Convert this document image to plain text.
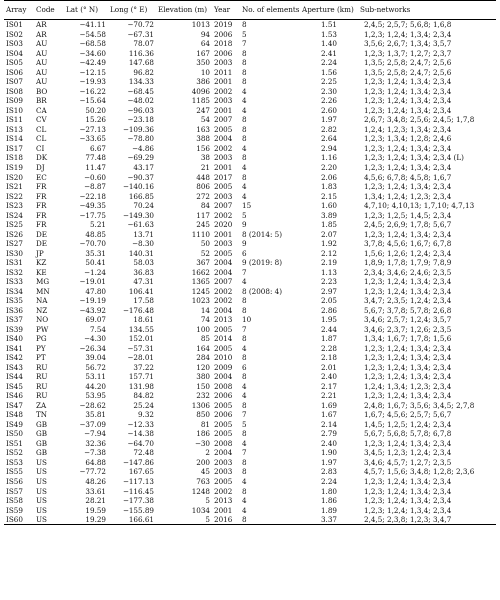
Array	Code	Lat (° N)	Long (° E)	Elevation (m)	Year	No. of elements	Aperture (km)	Sub-networks
IS01	AR	−41.11	−70.72	1013	2019	8	1.51	2,4,5; 2,5,7; 5,6,8; 1,6,8
IS02	AR	−54.58	−67.31	94	2006	5	1.53	1,2,3; 1,2,4; 1,3,4; 2,3,4
IS03	AU	−68.58	78.07	64	2018	7	1.40	3,5,6; 2,6,7; 1,3,4; 3,5,7
IS04	AU	−34.60	116.36	167	2006	8	2.41	1,2,3; 1,3,7; 1,2,7; 2,3,7
IS05	AU	−42.49	147.68	350	2003	8	2.24	1,3,5; 2,5,8; 2,4,7; 2,5,6
IS06	AU	−12.15	96.82	10	2011	8	1.56	1,3,5; 2,5,8; 2,4,7; 2,5,6
IS07	AU	−19.93	134.33	386	2001	8	2.25	1,2,3; 1,2,4; 1,3,4; 2,3,4
IS08	BO	−16.22	−68.45	4096	2002	4	2.30	1,2,3; 1,2,4; 1,3,4; 2,3,4
IS09	BR	−15.64	−48.02	1185	2003	4	2.26	1,2,3; 1,2,4; 1,3,4; 2,3,4
IS10	CA	50.20	−96.03	247	2001	4	2.60	1,2,3; 1,2,4; 1,3,4; 2,3,4
IS11	CV	15.26	−23.18	54	2007	8	1.97	2,6,7; 3,4,8; 2,5,6; 2,4,5; 1,7,8
IS13	CL	−27.13	−109.36	163	2005	8	2.82	1,2,4; 1,2,3; 1,3,4; 2,3,4
IS14	CL	−33.65	−78.80	388	2004	8	2.64	1,2,3; 1,3,4; 1,2,8; 2,4,6
IS17	CI	6.67	−4.86	156	2002	4	2.94	1,2,3; 1,2,4; 1,3,4; 2,3,4
IS18	DK	77.48	−69.29	38	2003	8	1.16	1,2,3; 1,2,4; 1,3,4; 2,3,4 (L)
IS19	DJ	11.47	43.17	21	2001	4	2.20	1,2,3; 1,2,4; 1,3,4; 2,3,4
IS20	EC	−0.60	−90.37	448	2017	8	2.06	4,5,6; 6,7,8; 4,5,8; 1,6,7
IS21	FR	−8.87	−140.16	806	2005	4	1.83	1,2,3; 1,2,4; 1,3,4; 2,3,4
IS22	FR	−22.18	166.85	272	2003	4	2.15	1,3,4; 1,2,4; 1,2,3; 2,3,4
IS23	FR	−49.35	70.24	84	2007	15	1.60	4,7,10; 4,10,13; 1,7,10; 4,7,13
IS24	FR	−17.75	−149.30	117	2002	5	3.89	1,2,3; 1,2,5; 1,4,5; 2,3,4
IS25	FR	5.21	−61.63	245	2020	9	1.85	2,4,5; 2,6,9; 1,7,8; 5,6,7
IS26	DE	48.85	13.71	1110	2001	8 (2014: 5)	2.07	1,2,3; 1,2,4; 1,3,4; 2,3,4
IS27	DE	−70.70	−8.30	50	2003	9	1.92	3,7,8; 4,5,6; 1,6,7; 6,7,8
IS30	JP	35.31	140.31	52	2005	6	2.12	1,5,6; 1,2,6; 1,2,4; 2,3,4
IS31	KZ	50.41	58.03	367	2004	9 (2019: 8)	2.19	1,8,9; 1,7,8; 1,7,9; 7,8,9
IS32	KE	−1.24	36.83	1662	2004	7	1.13	2,3,4; 3,4,6; 2,4,6; 2,3,5
IS33	MG	−19.01	47.31	1365	2007	4	2.23	1,2,3; 1,2,4; 1,3,4; 2,3,4
IS34	MN	47.80	106.41	1245	2002	8 (2008: 4)	2.97	1,2,3; 1,2,4; 1,3,4; 2,3,4
IS35	NA	−19.19	17.58	1023	2002	8	2.05	3,4,7; 2,3,5; 1,2,4; 2,3,4
IS36	NZ	−43.92	−176.48	14	2004	8	2.86	5,6,7; 3,7,8; 5,7,8; 2,6,8
IS37	NO	69.07	18.61	74	2013	10	1.95	3,4,6; 2,5,7; 1,2,4; 3,5,7
IS39	PW	7.54	134.55	100	2005	7	2.44	3,4,6; 2,3,7; 1,2,6; 2,3,5
IS40	PG	−4.30	152.01	85	2014	8	1.87	1,3,4; 1,6,7; 1,7,8; 1,5,6
IS41	PY	−26.34	−57.31	164	2005	4	2.28	1,2,3; 1,2,4; 1,3,4; 2,3,4
IS42	PT	39.04	−28.01	284	2010	8	2.18	1,2,3; 1,2,4; 1,3,4; 2,3,4
IS43	RU	56.72	37.22	120	2009	6	2.01	1,2,3; 1,2,4; 1,3,4; 2,3,4
IS44	RU	53.11	157.71	380	2004	8	2.40	1,2,3; 1,2,4; 1,3,4; 2,3,4
IS45	RU	44.20	131.98	150	2008	4	2.17	1,2,4; 1,3,4; 1,2,3; 2,3,4
IS46	RU	53.95	84.82	232	2006	4	2.21	1,2,3; 1,2,4; 1,3,4; 2,3,4
IS47	ZA	−28.62	25.24	1306	2005	8	1.69	2,4,8; 1,6,7; 3,5,6; 3,4,5; 2,7,8
IS48	TN	35.81	9.32	850	2006	7	1.67	1,6,7; 4,5,6; 2,5,7; 5,6,7
IS49	GB	−37.09	−12.33	81	2005	5	2.14	1,4,5; 1,2,5; 1,2,4; 2,3,4
IS50	GB	−7.94	−14.38	186	2005	8	2.79	5,6,7; 5,6,8; 5,7,8; 6,7,8
IS51	GB	32.36	−64.70	−30	2008	4	2.40	1,2,3; 1,2,4; 1,3,4; 2,3,4
IS52	GB	−7.38	72.48	2	2004	7	1.90	3,4,5; 1,2,3; 1,2,4; 2,3,4
IS53	US	64.88	−147.86	200	2003	8	1.97	3,4,6; 4,5,7; 1,2,7; 2,3,5
IS55	US	−77.72	167.65	45	2003	8	2.83	4,5,7; 1,5,6; 3,4,8; 1,2,8; 2,3,6
IS56	US	48.26	−117.13	763	2005	4	2.24	1,2,3; 1,2,4; 1,3,4; 2,3,4
IS57	US	33.61	−116.45	1248	2002	8	1.80	1,2,3; 1,2,4; 1,3,4; 2,3,4
IS58	US	28.21	−177.38	5	2013	4	1.86	1,2,3; 1,2,4; 1,3,4; 2,3,4
IS59	US	19.59	−155.89	1034	2001	4	1.89	1,2,3; 1,2,4; 1,3,4; 2,3,4
IS60	US	19.29	166.61	5	2016	8	3.37	2,4,5; 2,3,8; 1,2,3; 3,4,7
